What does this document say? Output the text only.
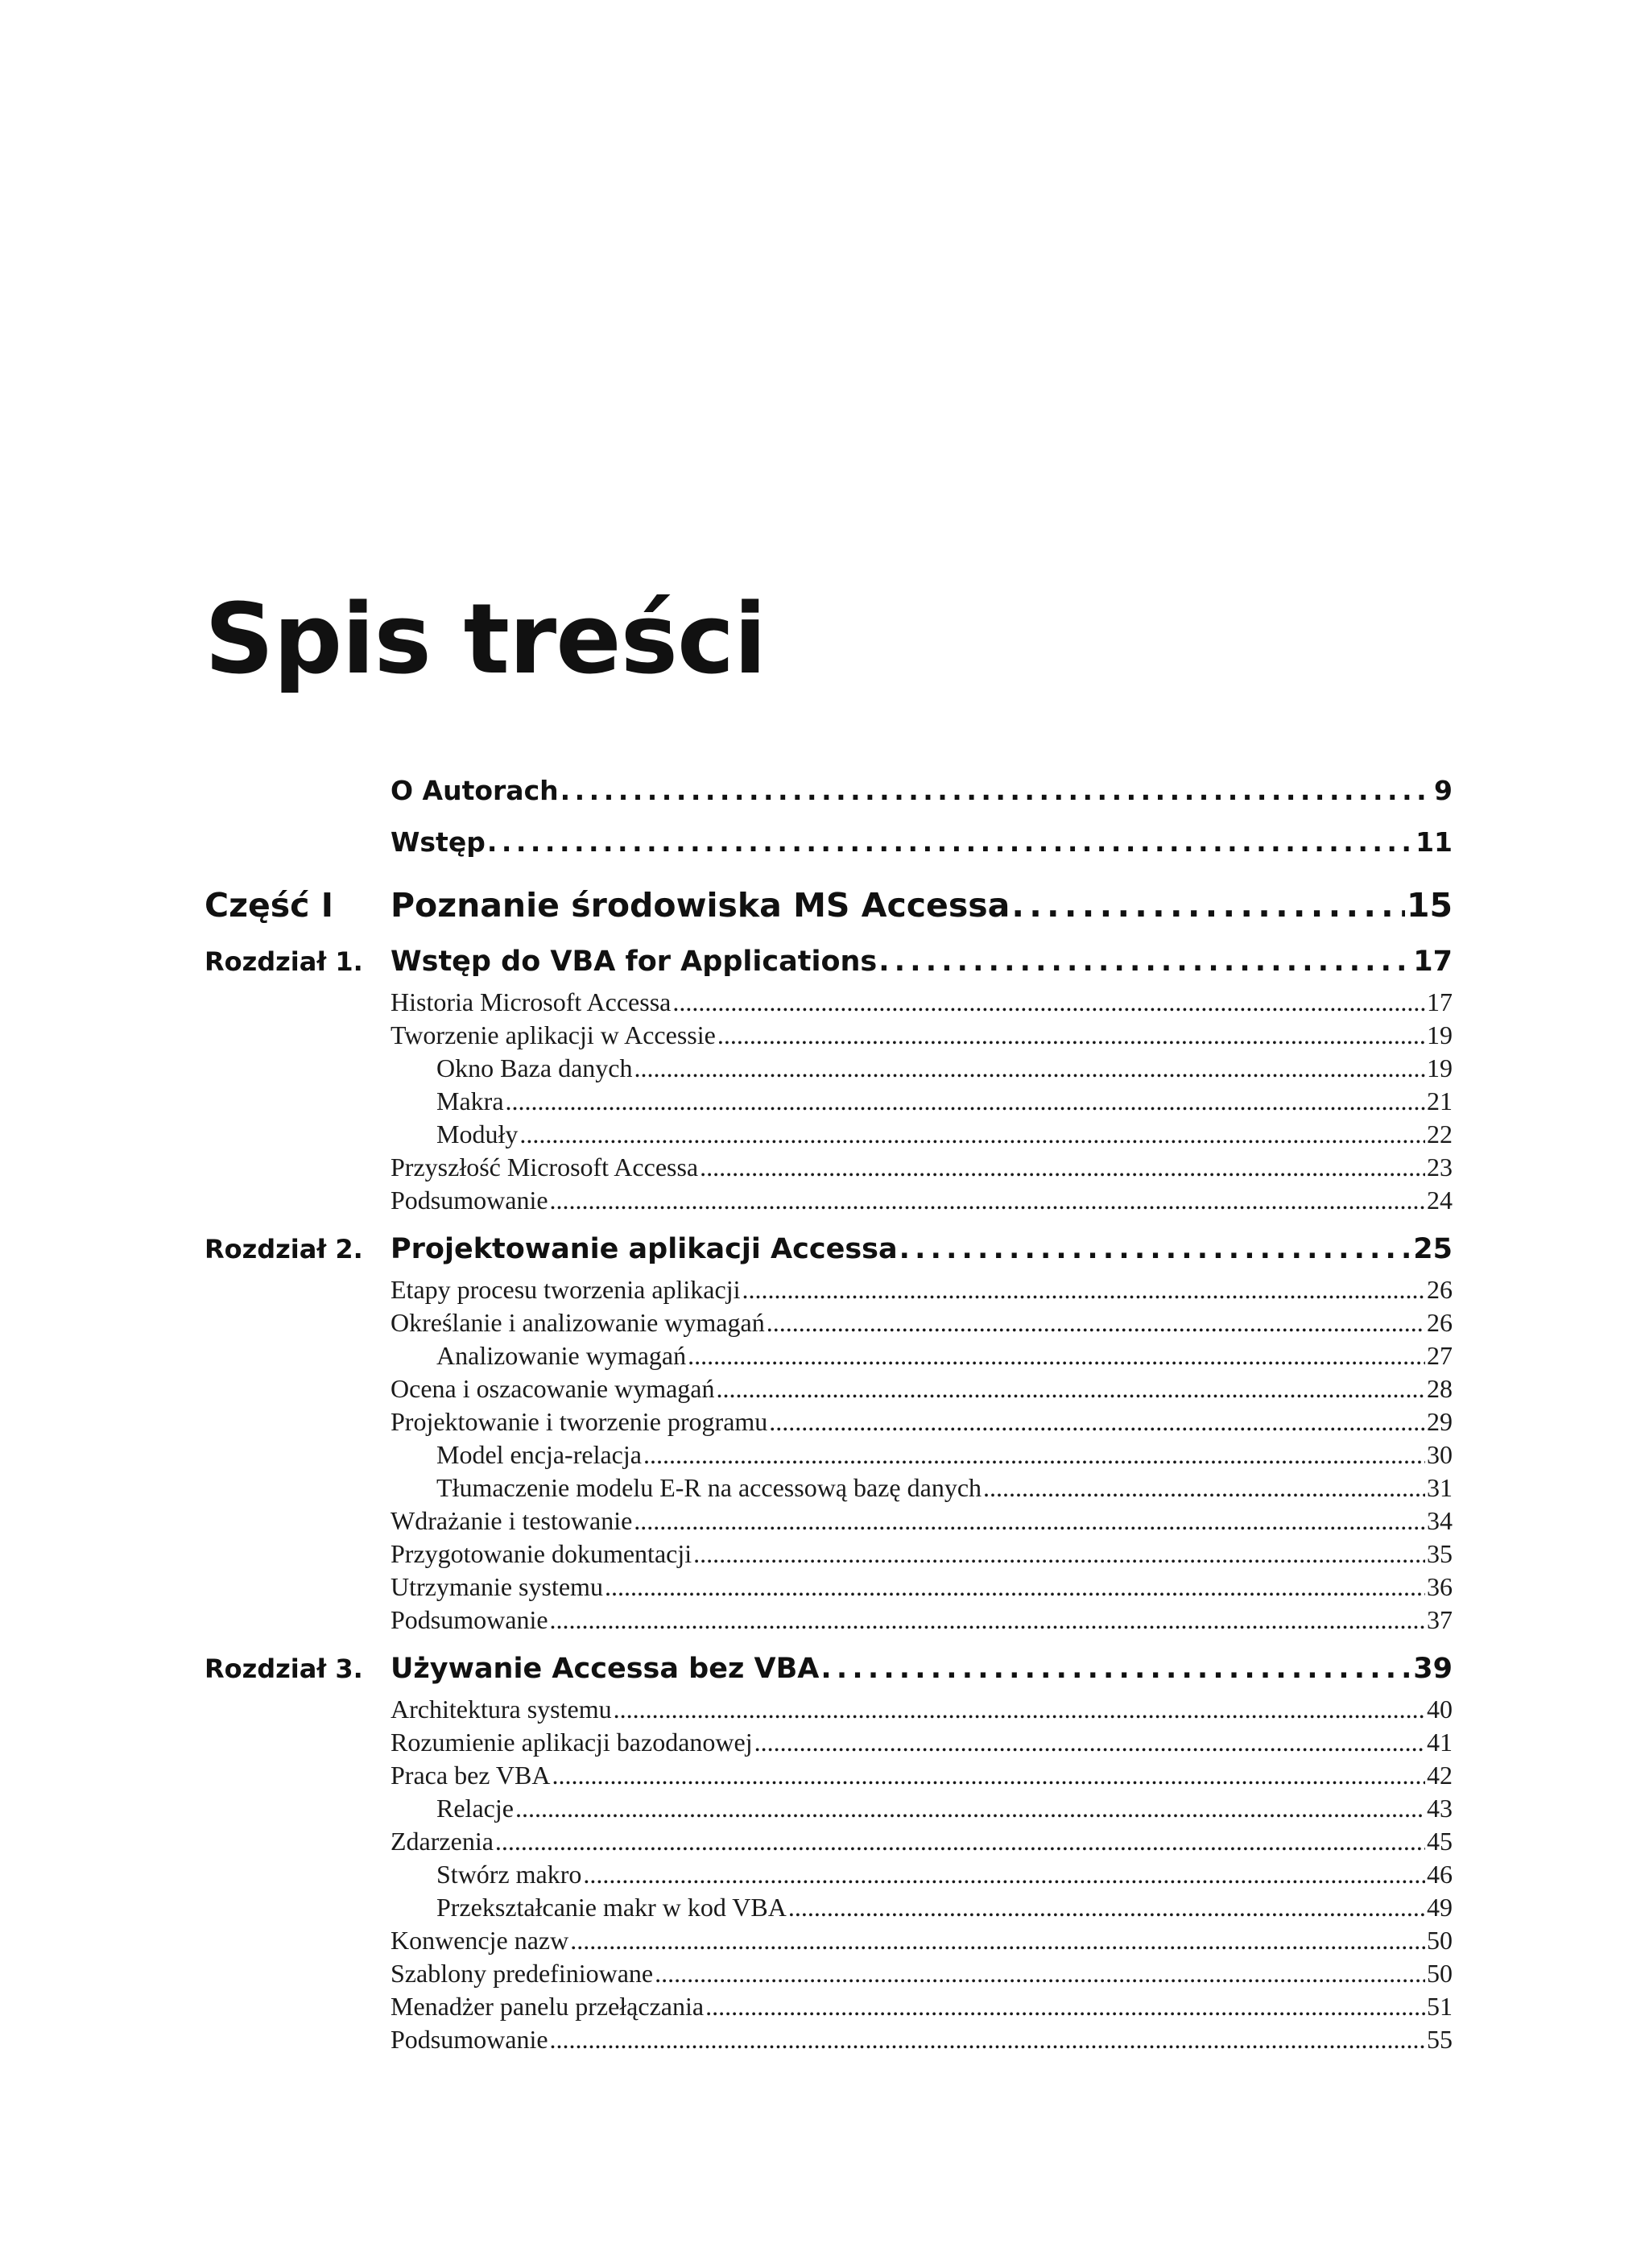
Spis treści
O Autorach . . .	9
Wstęp . . .	11
Część I	Poznanie środowiska MS Accessa . . .	15
Rozdział 1. Wstęp do VBA for Applications . . .	17
Historia Microsoft Accessa . . .	17
Tworzenie aplikacji w Accessie . . .	19
Okno Baza danych . . .	19
Makra . . .	21
Moduły . . .	22
Przyszłość Microsoft Accessa . . .	23
Podsumowanie . . .	24
Rozdział 2. Projektowanie aplikacji Accessa . . .	25
Etapy procesu tworzenia aplikacji . . .	26
Określanie i analizowanie wymagań . . .	26
Analizowanie wymagań . . .	27
Ocena i oszacowanie wymagań . . .	28
Projektowanie i tworzenie programu . . .	29
Model encja-relacja . . .	30
Tłumaczenie modelu E-R na accessową bazę danych . . .	31
Wdrażanie i testowanie . . .	34
Przygotowanie dokumentacji . . .	35
Utrzymanie systemu . . .	36
Podsumowanie . . .	37
Rozdział 3. Używanie Accessa bez VBA . . .	39
Architektura systemu . . .	40
Rozumienie aplikacji bazodanowej . . .	41
Praca bez VBA . . .	42
Relacje . . .	43
Zdarzenia . . .	45
Stwórz makro . . .	46
Przekształcanie makr w kod VBA . . .	49
Konwencje nazw . . .	50
Szablony predefiniowane . . .	50
Menadżer panelu przełączania . . .	51
Podsumowanie . . .	55
